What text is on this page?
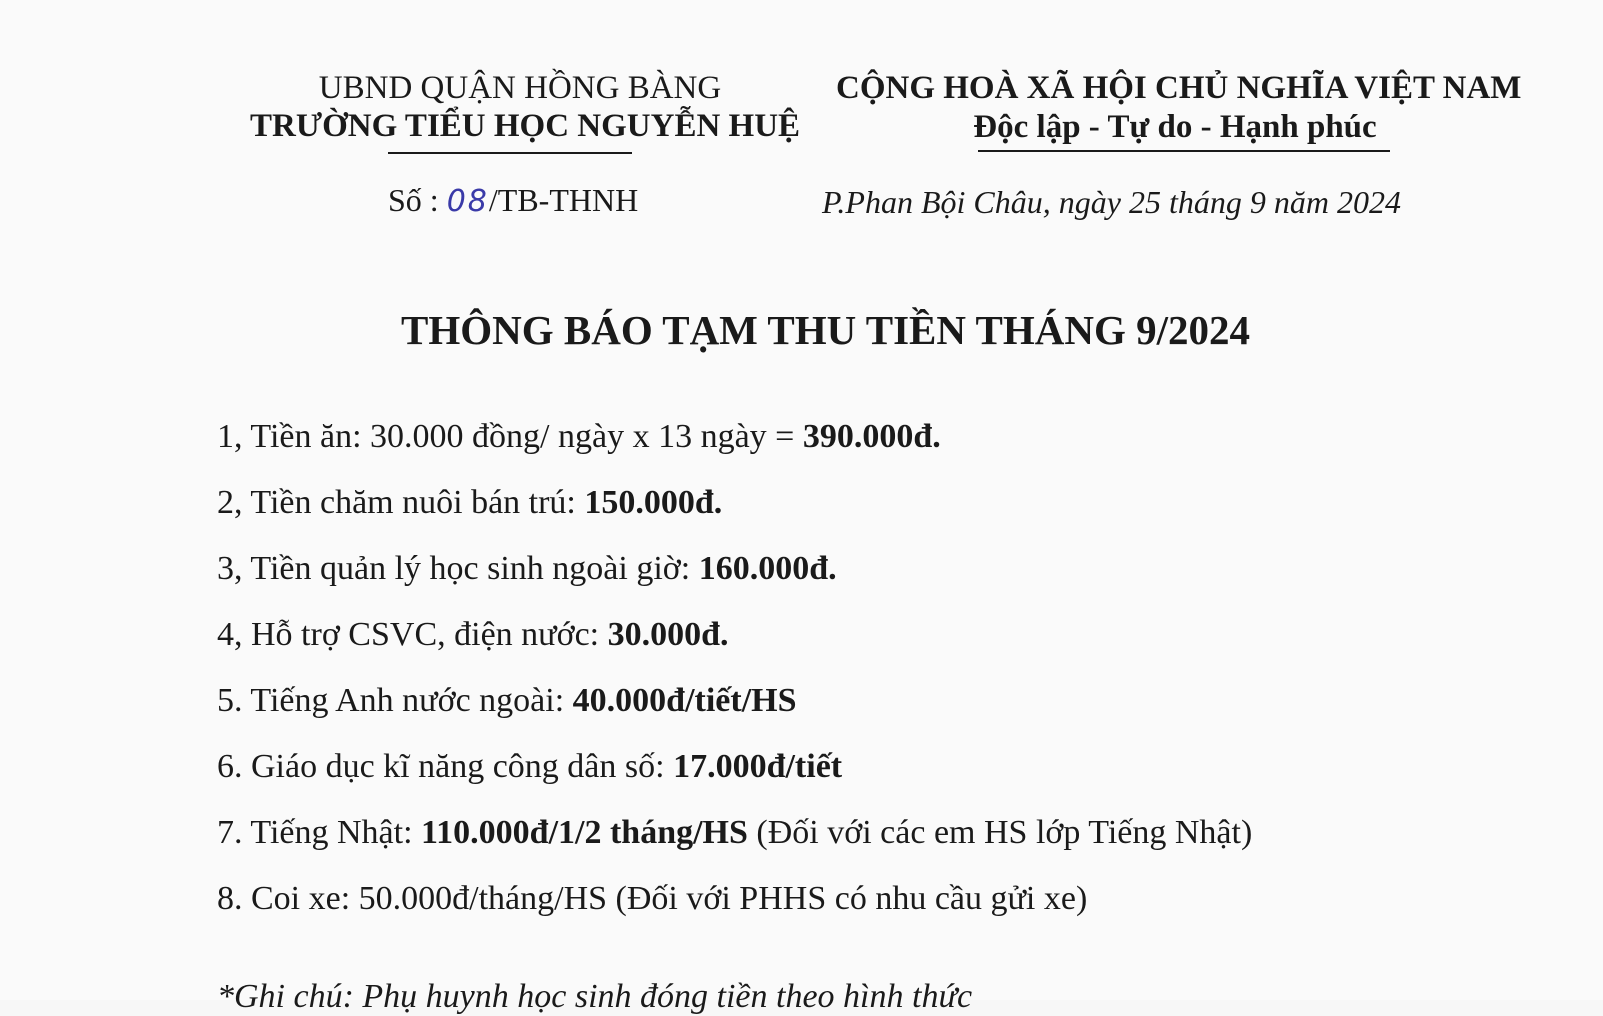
UBND QUẬN HỒNG BÀNG
TRƯỜNG TIỂU HỌC NGUYỄN HUỆ
CỘNG HOÀ XÃ HỘI CHỦ NGHĨA VIỆT NAM
Độc lập - Tự do - Hạnh phúc
Số : 08/TB-THNH	P.Phan Bội Châu, ngày 25 tháng 9 năm 2024
THÔNG BÁO TẠM THU TIỀN THÁNG 9/2024
1, Tiền ăn: 30.000 đồng/ ngày x 13 ngày = 390.000đ.
2, Tiền chăm nuôi bán trú: 150.000đ.
3, Tiền quản lý học sinh ngoài giờ: 160.000đ.
4, Hỗ trợ CSVC, điện nước: 30.000đ.
5. Tiếng Anh nước ngoài: 40.000đ/tiết/HS
6. Giáo dục kĩ năng công dân số: 17.000đ/tiết
7. Tiếng Nhật: 110.000đ/1/2 tháng/HS (Đối với các em HS lớp Tiếng Nhật)
8. Coi xe: 50.000đ/tháng/HS (Đối với PHHS có nhu cầu gửi xe)
*Ghi chú: Phụ huynh học sinh đóng tiền theo hình thức
